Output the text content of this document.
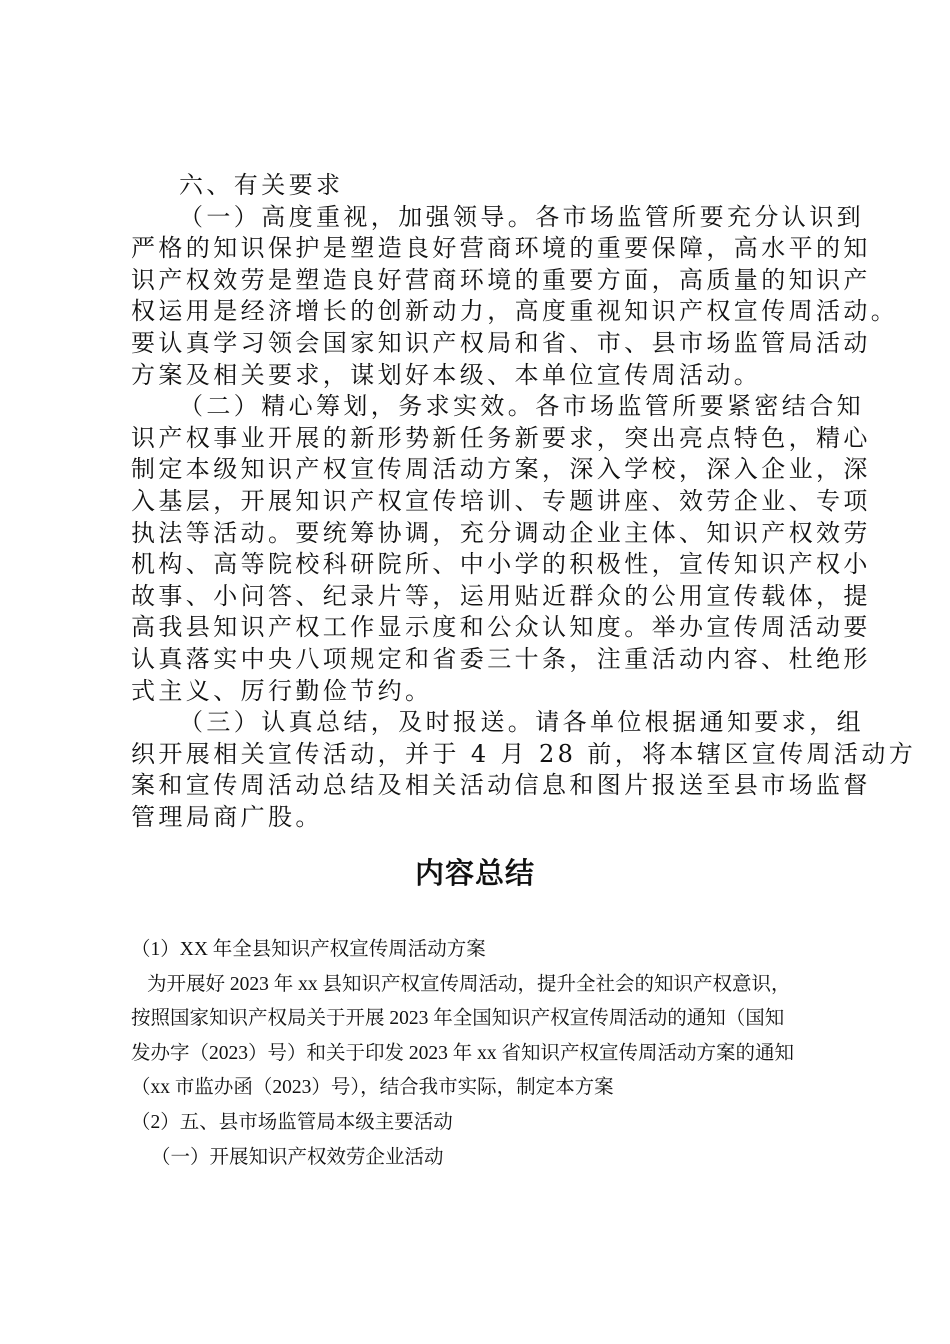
六、有关要求

（一）高度重视，加强领导。各市场监管所要充分认识到

严格的知识保护是塑造良好营商环境的重要保障，高水平的知

识产权效劳是塑造良好营商环境的重要方面，高质量的知识产

权运用是经济增长的创新动力，高度重视知识产权宣传周活动。

要认真学习领会国家知识产权局和省、市、县市场监管局活动

方案及相关要求，谋划好本级、本单位宣传周活动。

（二）精心筹划，务求实效。各市场监管所要紧密结合知

识产权事业开展的新形势新任务新要求，突出亮点特色，精心

制定本级知识产权宣传周活动方案，深入学校，深入企业，深

入基层，开展知识产权宣传培训、专题讲座、效劳企业、专项

执法等活动。要统筹协调，充分调动企业主体、知识产权效劳

机构、高等院校科研院所、中小学的积极性，宣传知识产权小

故事、小问答、纪录片等，运用贴近群众的公用宣传载体，提

高我县知识产权工作显示度和公众认知度。举办宣传周活动要

认真落实中央八项规定和省委三十条，注重活动内容、杜绝形

式主义、厉行勤俭节约。

（三）认真总结，及时报送。请各单位根据通知要求，组

织开展相关宣传活动，并于 4 月 28 前，将本辖区宣传周活动方

案和宣传周活动总结及相关活动信息和图片报送至县市场监督

管理局商广股。

内容总结

（1）XX 年全县知识产权宣传周活动方案

为开展好 2023 年 xx 县知识产权宣传周活动，提升全社会的知识产权意识，

按照国家知识产权局关于开展 2023 年全国知识产权宣传周活动的通知（国知

发办字（2023）号）和关于印发 2023 年 xx 省知识产权宣传周活动方案的通知

（xx 市监办函（2023）号），结合我市实际，制定本方案

（2）五、县市场监管局本级主要活动

（一）开展知识产权效劳企业活动
